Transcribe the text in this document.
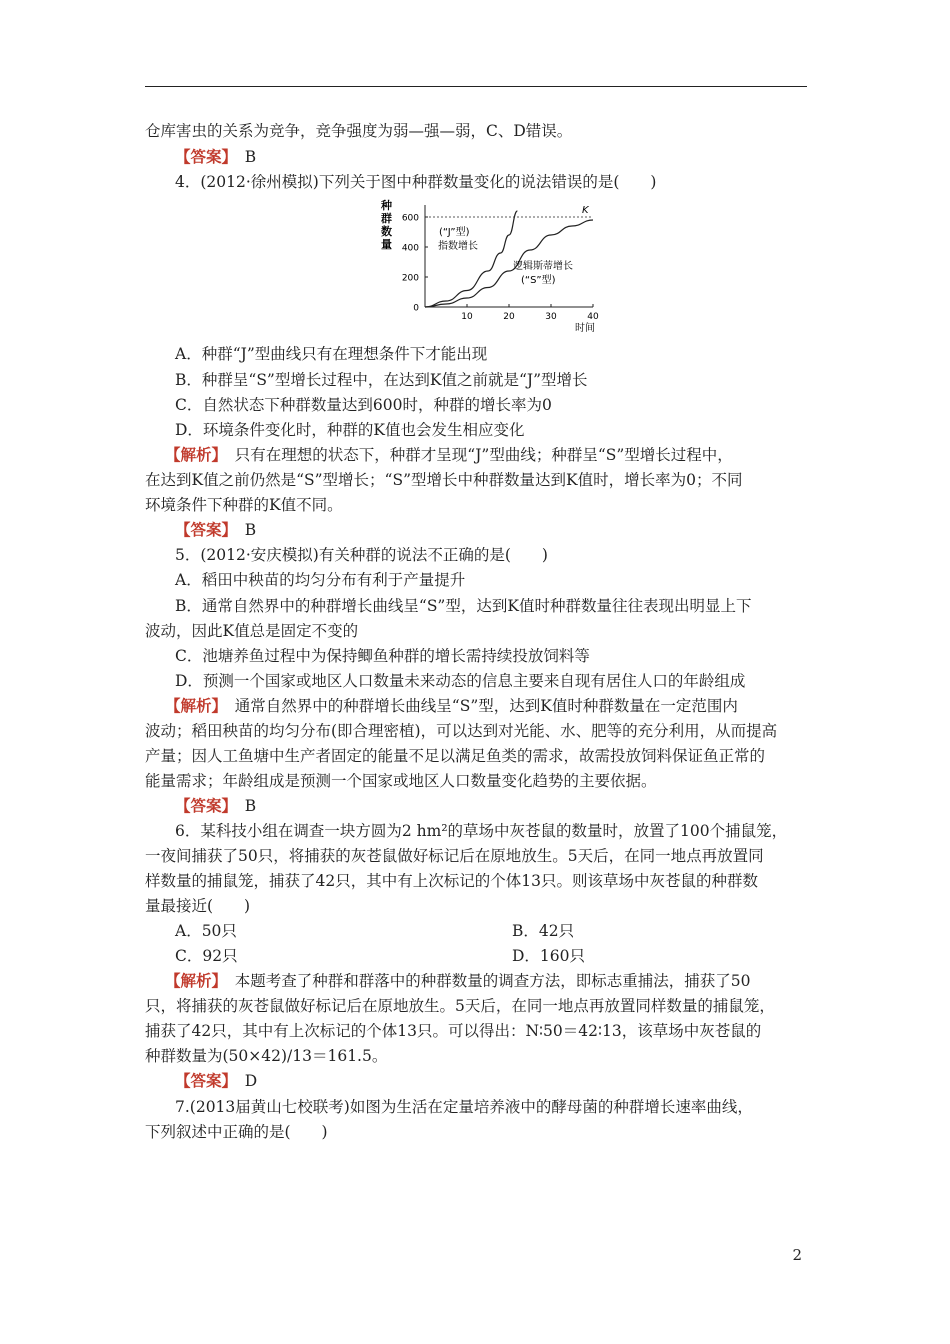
仓库害虫的关系为竞争，竞争强度为弱—强—弱，C、D错误。
【答案】　 B
4．(2012·徐州模拟)下列关于图中种群数量变化的说法错误的是(　　)
种
群
数
量
600
400
200
0
10	20	30	40
K
(“J”型)
指数增长
逻辑斯蒂增长
(“S”型)
时间
A．种群“J”型曲线只有在理想条件下才能出现
B．种群呈“S”型增长过程中，在达到K值之前就是“J”型增长
C．自然状态下种群数量达到600时，种群的增长率为0
D．环境条件变化时，种群的K值也会发生相应变化
【解析】　 只有在理想的状态下，种群才呈现“J”型曲线；种群呈“S”型增长过程中，
在达到K值之前仍然是“S”型增长；“S”型增长中种群数量达到K值时，增长率为0；不同
环境条件下种群的K值不同。
【答案】　 B
5．(2012·安庆模拟)有关种群的说法不正确的是(　　)
A．稻田中秧苗的均匀分布有利于产量提升
B．通常自然界中的种群增长曲线呈“S”型，达到K值时种群数量往往表现出明显上下
波动，因此K值总是固定不变的
C．池塘养鱼过程中为保持鲫鱼种群的增长需持续投放饲料等
D．预测一个国家或地区人口数量未来动态的信息主要来自现有居住人口的年龄组成
【解析】　 通常自然界中的种群增长曲线呈“S”型，达到K值时种群数量在一定范围内
波动；稻田秧苗的均匀分布(即合理密植)，可以达到对光能、水、肥等的充分利用，从而提高
产量；因人工鱼塘中生产者固定的能量不足以满足鱼类的需求，故需投放饲料保证鱼正常的
能量需求；年龄组成是预测一个国家或地区人口数量变化趋势的主要依据。
【答案】　 B
6．某科技小组在调查一块方圆为2 hm²的草场中灰苍鼠的数量时，放置了100个捕鼠笼，
一夜间捕获了50只，将捕获的灰苍鼠做好标记后在原地放生。5天后，在同一地点再放置同
样数量的捕鼠笼，捕获了42只，其中有上次标记的个体13只。则该草场中灰苍鼠的种群数
量最接近(　　)
A．50只	B．42只
C．92只	D．160只
【解析】　 本题考查了种群和群落中的种群数量的调查方法，即标志重捕法，捕获了50
只，将捕获的灰苍鼠做好标记后在原地放生。5天后，在同一地点再放置同样数量的捕鼠笼，
捕获了42只，其中有上次标记的个体13只。可以得出：N∶50＝42∶13，该草场中灰苍鼠的
种群数量为(50×42)/13＝161.5。
【答案】　 D
7.(2013届黄山七校联考)如图为生活在定量培养液中的酵母菌的种群增长速率曲线，
下列叙述中正确的是(　　)
2
